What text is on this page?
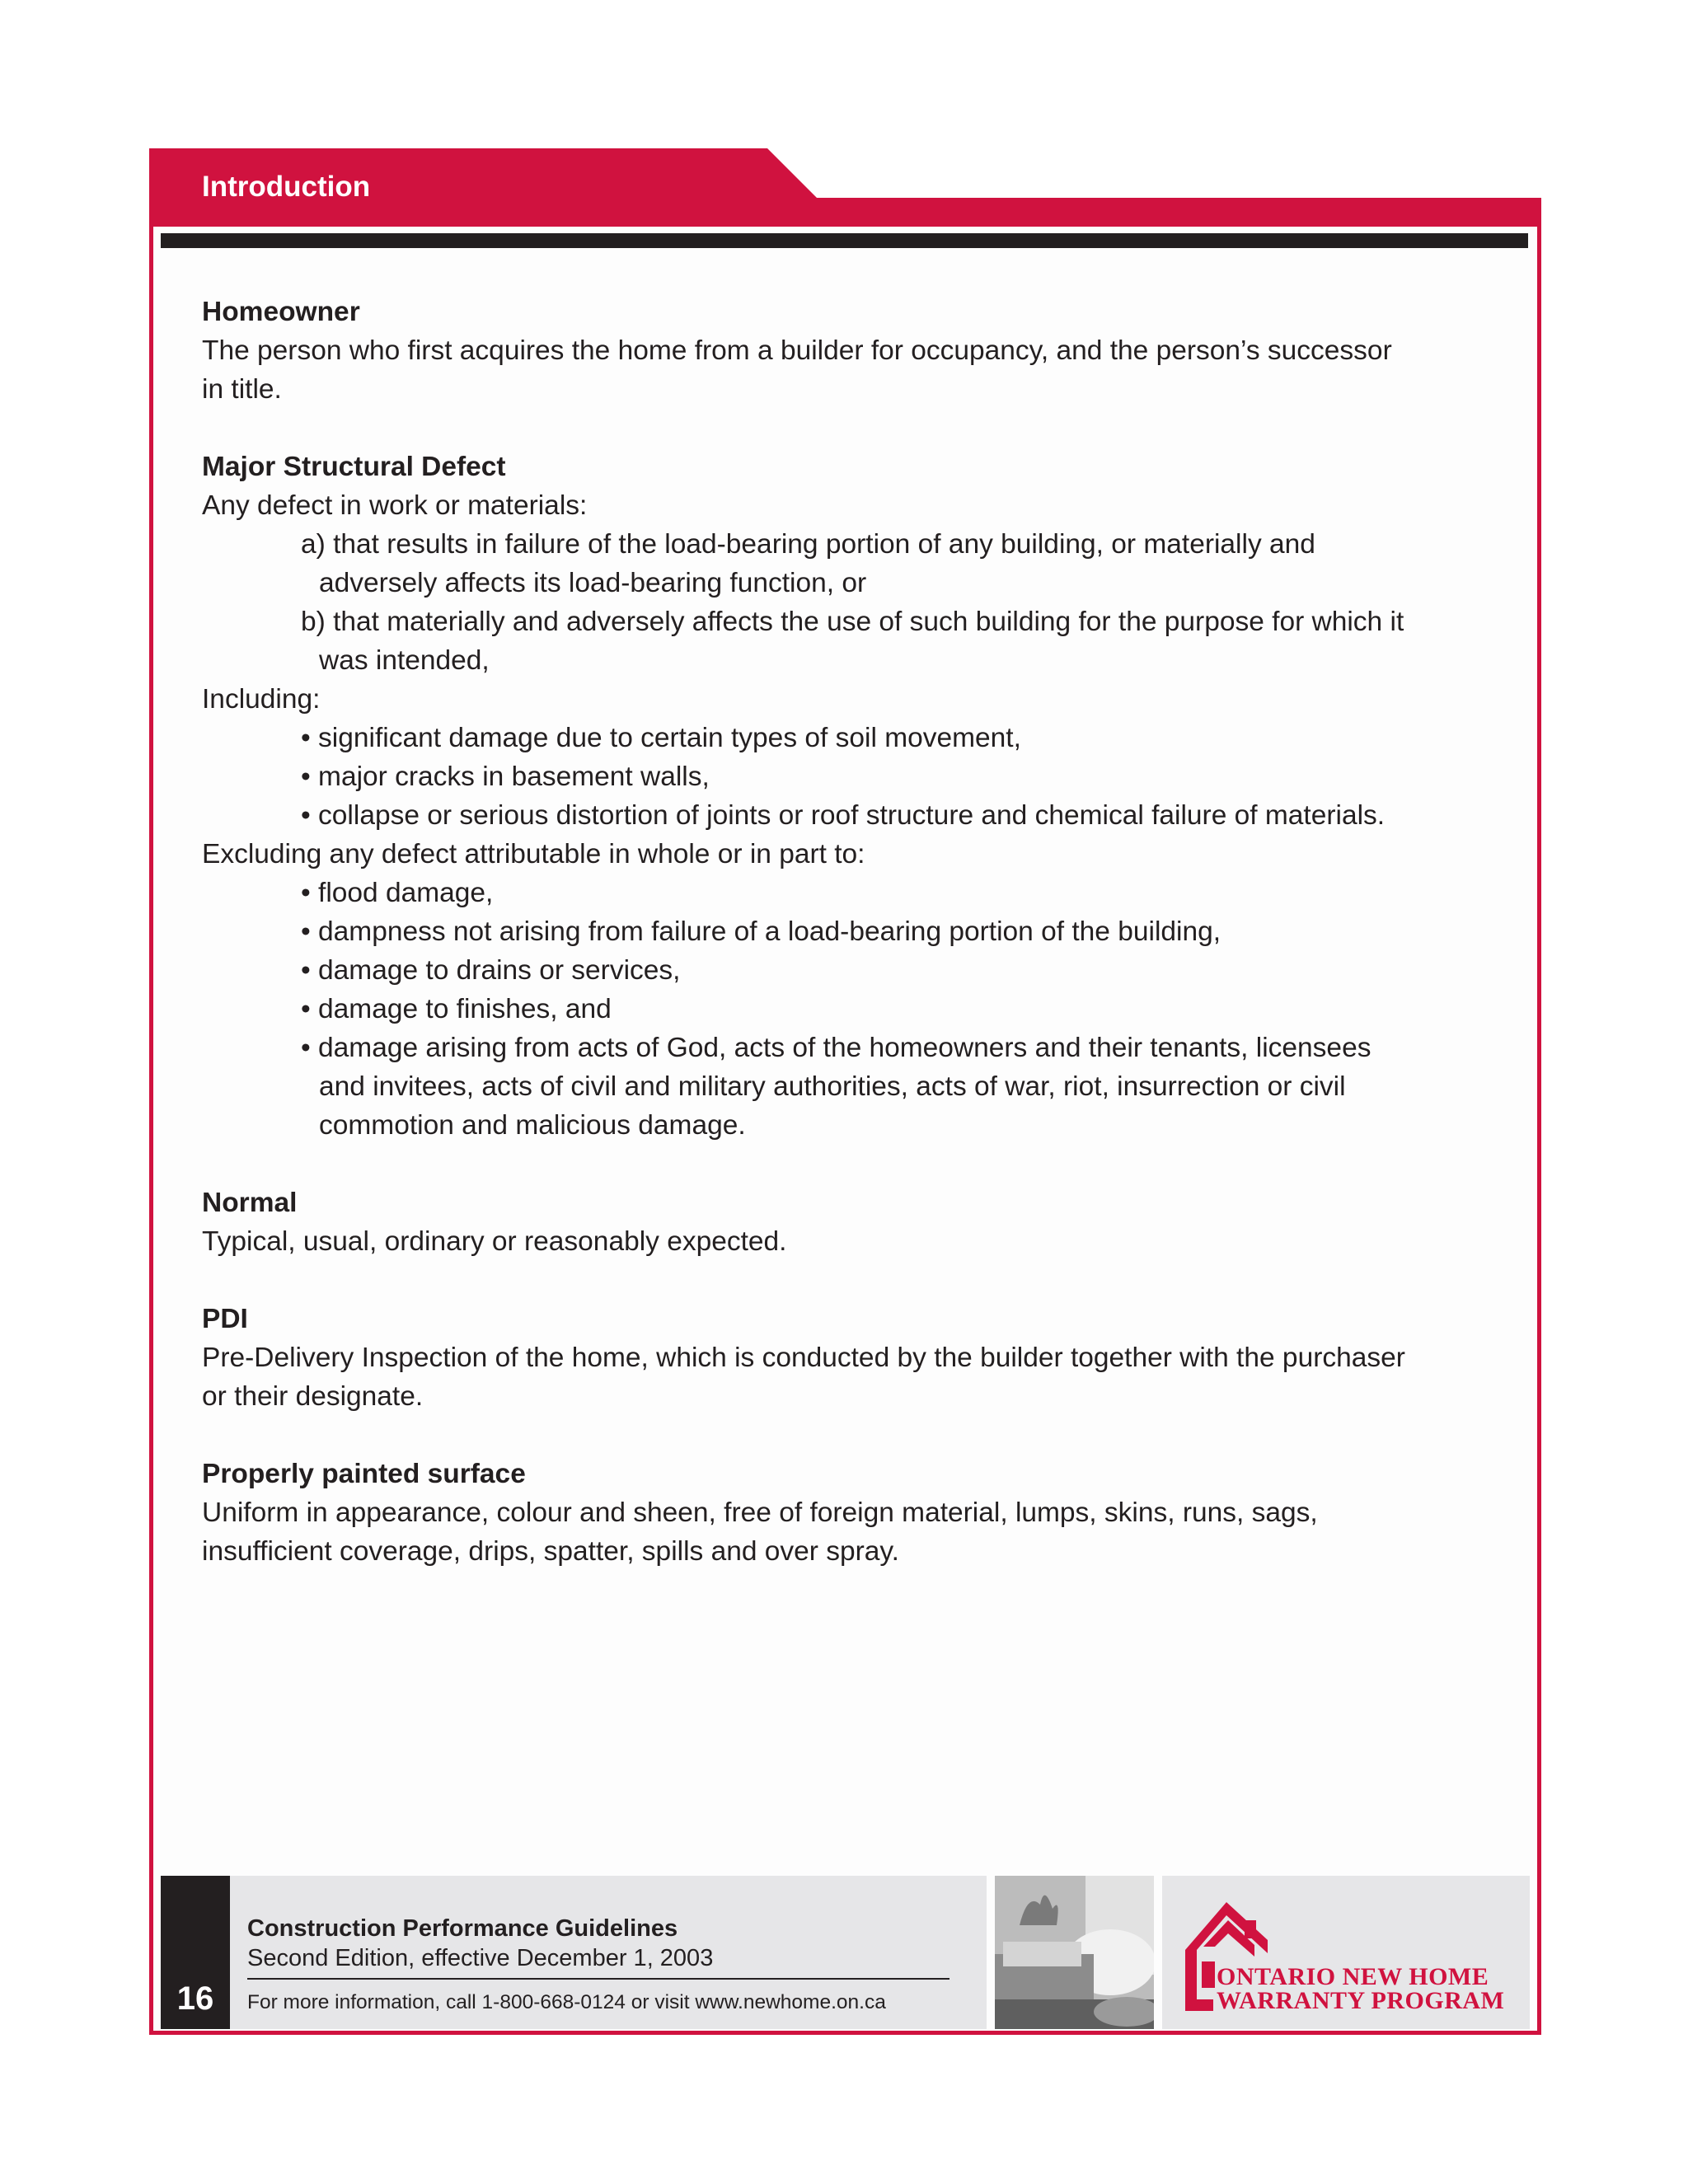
Introduction

Homeowner

The person who first acquires the home from a builder for occupancy, and the person’s successor

in title.

Major Structural Defect

Any defect in work or materials:

a) that results in failure of the load-bearing portion of any building, or materially and

adversely affects its load-bearing function, or

b) that materially and adversely affects the use of such building for the purpose for which it

was intended,

Including:

• significant damage due to certain types of soil movement,

• major cracks in basement walls,

• collapse or serious distortion of joints or roof structure and chemical failure of materials.

Excluding any defect attributable in whole or in part to:

• flood damage,

• dampness not arising from failure of a load-bearing portion of the building,

• damage to drains or services,

• damage to finishes, and

• damage arising from acts of God, acts of the homeowners and their tenants, licensees

and invitees, acts of civil and military authorities, acts of war, riot, insurrection or civil

commotion and malicious damage.

Normal

Typical, usual, ordinary or reasonably expected.

PDI

Pre-Delivery Inspection of the home, which is conducted by the builder together with the purchaser

or their designate.

Properly painted surface

Uniform in appearance, colour and sheen, free of foreign material, lumps, skins, runs, sags,

insufficient coverage, drips, spatter, spills and over spray.

16
Construction Performance Guidelines
Second Edition, effective December 1, 2003
For more information, call 1-800-668-0124 or visit www.newhome.on.ca
ONTARIO NEW HOME
WARRANTY PROGRAM
